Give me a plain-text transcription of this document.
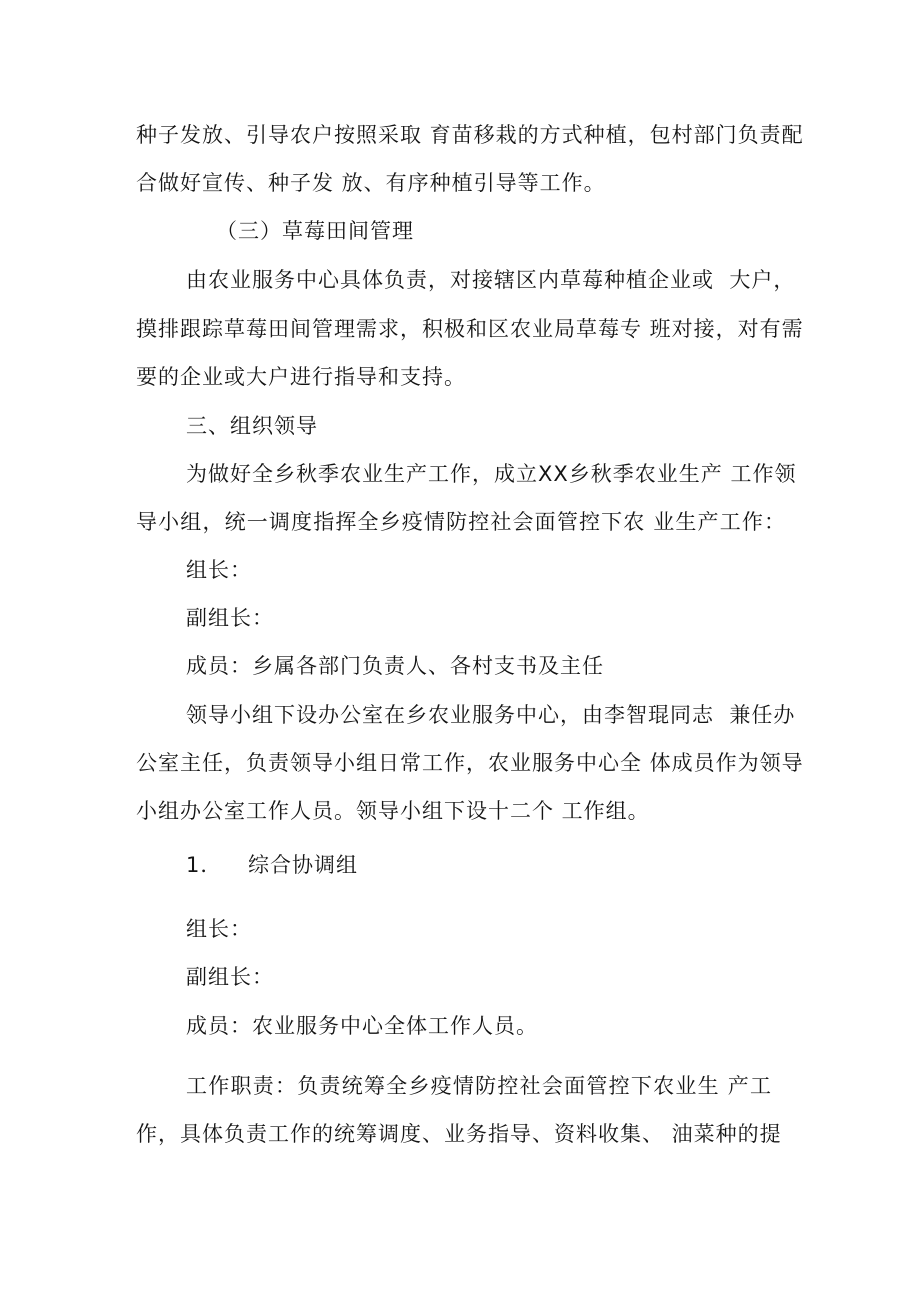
种子发放、引导农户按照采取 育苗移栽的方式种植，包村部门负责配
合做好宣传、种子发 放、有序种植引导等工作。
（三）草莓田间管理
由农业服务中心具体负责，对接辖区内草莓种植企业或  大户，
摸排跟踪草莓田间管理需求，积极和区农业局草莓专 班对接，对有需
要的企业或大户进行指导和支持。
三、组织领导
为做好全乡秋季农业生产工作，成立XX乡秋季农业生产 工作领
导小组，统一调度指挥全乡疫情防控社会面管控下农 业生产工作：
组长：
副组长：
成员：乡属各部门负责人、各村支书及主任
领导小组下设办公室在乡农业服务中心，由李智琨同志  兼任办
公室主任，负责领导小组日常工作，农业服务中心全 体成员作为领导
小组办公室工作人员。领导小组下设十二个 工作组。
1． 综合协调组
组长：
副组长：
成员：农业服务中心全体工作人员。
工作职责：负责统筹全乡疫情防控社会面管控下农业生 产工
作，具体负责工作的统筹调度、业务指导、资料收集、 油菜种的提
